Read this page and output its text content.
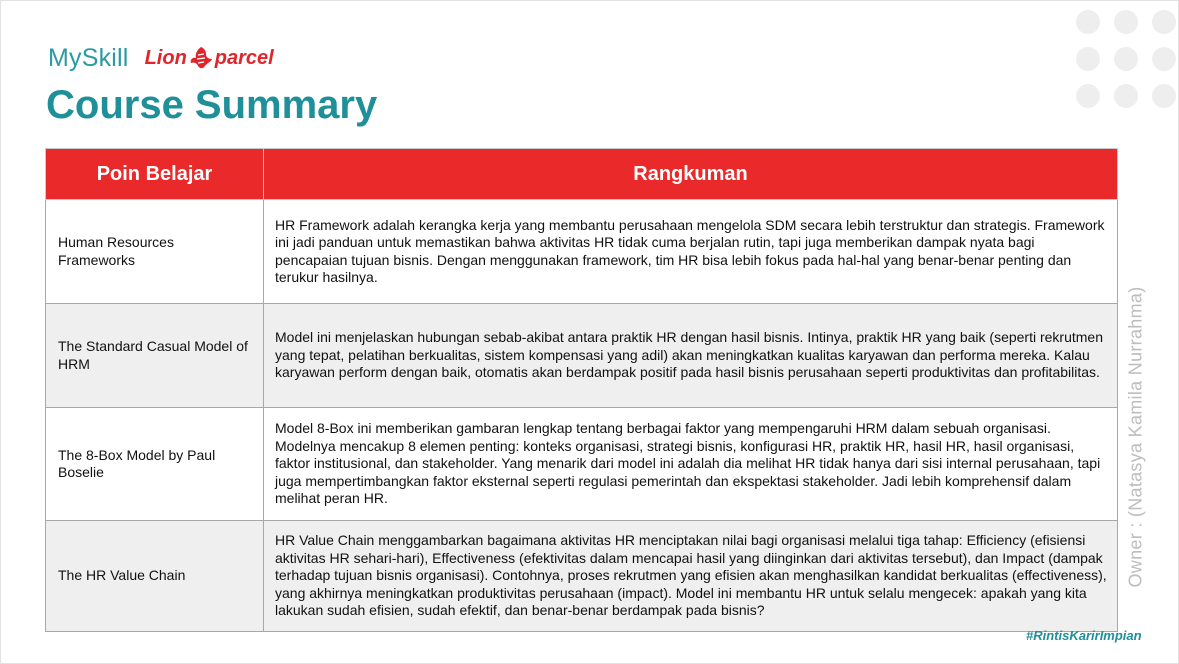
MySkill Lion parcel
Course Summary
Poin Belajar	Rangkuman
Human Resources Frameworks	HR Framework adalah kerangka kerja yang membantu perusahaan mengelola SDM secara lebih terstruktur dan strategis. Framework ini jadi panduan untuk memastikan bahwa aktivitas HR tidak cuma berjalan rutin, tapi juga memberikan dampak nyata bagi pencapaian tujuan bisnis. Dengan menggunakan framework, tim HR bisa lebih fokus pada hal-hal yang benar-benar penting dan terukur hasilnya.
The Standard Casual Model of HRM	Model ini menjelaskan hubungan sebab-akibat antara praktik HR dengan hasil bisnis. Intinya, praktik HR yang baik (seperti rekrutmen yang tepat, pelatihan berkualitas, sistem kompensasi yang adil) akan meningkatkan kualitas karyawan dan performa mereka. Kalau karyawan perform dengan baik, otomatis akan berdampak positif pada hasil bisnis perusahaan seperti produktivitas dan profitabilitas.
The 8-Box Model by Paul Boselie	Model 8-Box ini memberikan gambaran lengkap tentang berbagai faktor yang mempengaruhi HRM dalam sebuah organisasi. Modelnya mencakup 8 elemen penting: konteks organisasi, strategi bisnis, konfigurasi HR, praktik HR, hasil HR, hasil organisasi, faktor institusional, dan stakeholder. Yang menarik dari model ini adalah dia melihat HR tidak hanya dari sisi internal perusahaan, tapi juga mempertimbangkan faktor eksternal seperti regulasi pemerintah dan ekspektasi stakeholder. Jadi lebih komprehensif dalam melihat peran HR.
The HR Value Chain	HR Value Chain menggambarkan bagaimana aktivitas HR menciptakan nilai bagi organisasi melalui tiga tahap: Efficiency (efisiensi aktivitas HR sehari-hari), Effectiveness (efektivitas dalam mencapai hasil yang diinginkan dari aktivitas tersebut), dan Impact (dampak terhadap tujuan bisnis organisasi). Contohnya, proses rekrutmen yang efisien akan menghasilkan kandidat berkualitas (effectiveness), yang akhirnya meningkatkan produktivitas perusahaan (impact). Model ini membantu HR untuk selalu mengecek: apakah yang kita lakukan sudah efisien, sudah efektif, dan benar-benar berdampak pada bisnis?
Owner : (Natasya Kamila Nurrahma)
#RintisKarirImpian
